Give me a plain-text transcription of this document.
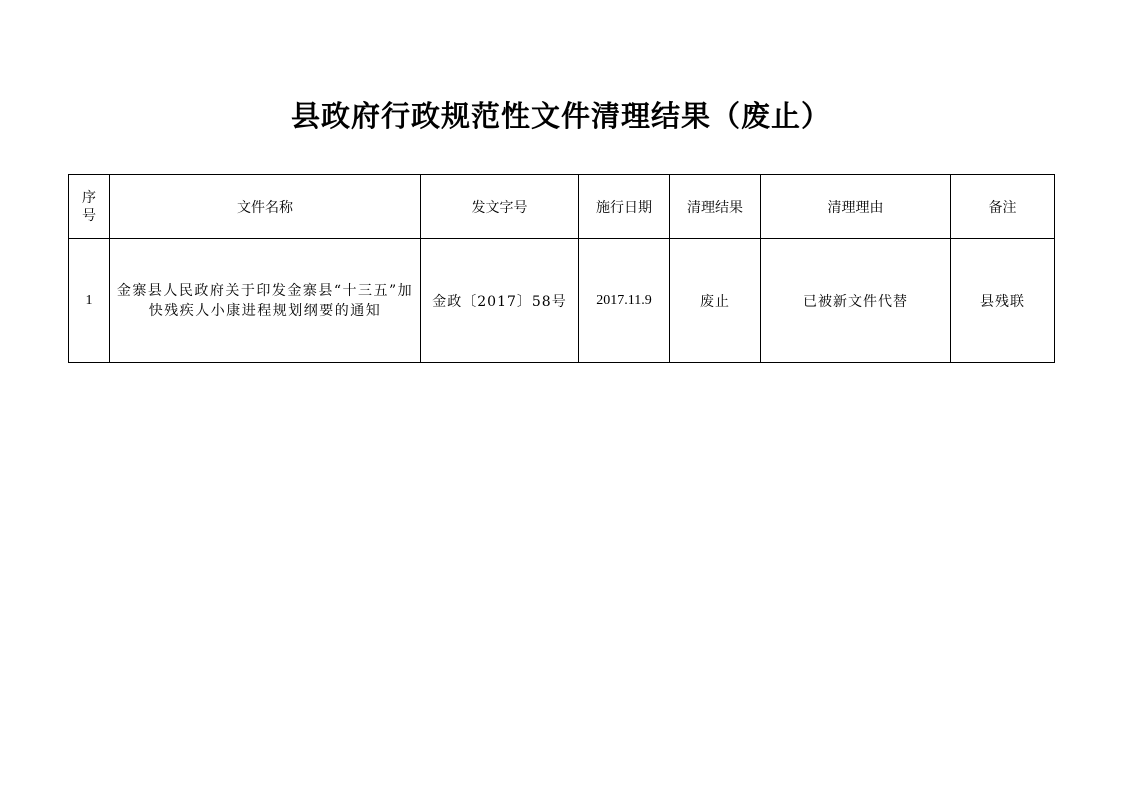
县政府行政规范性文件清理结果（废止）
序号	文件名称	发文字号	施行日期	清理结果	清理理由	备注
1	金寨县人民政府关于印发金寨县“十三五”加快残疾人小康进程规划纲要的通知	金政〔2017〕58号	2017.11.9	废止	已被新文件代替	县残联
